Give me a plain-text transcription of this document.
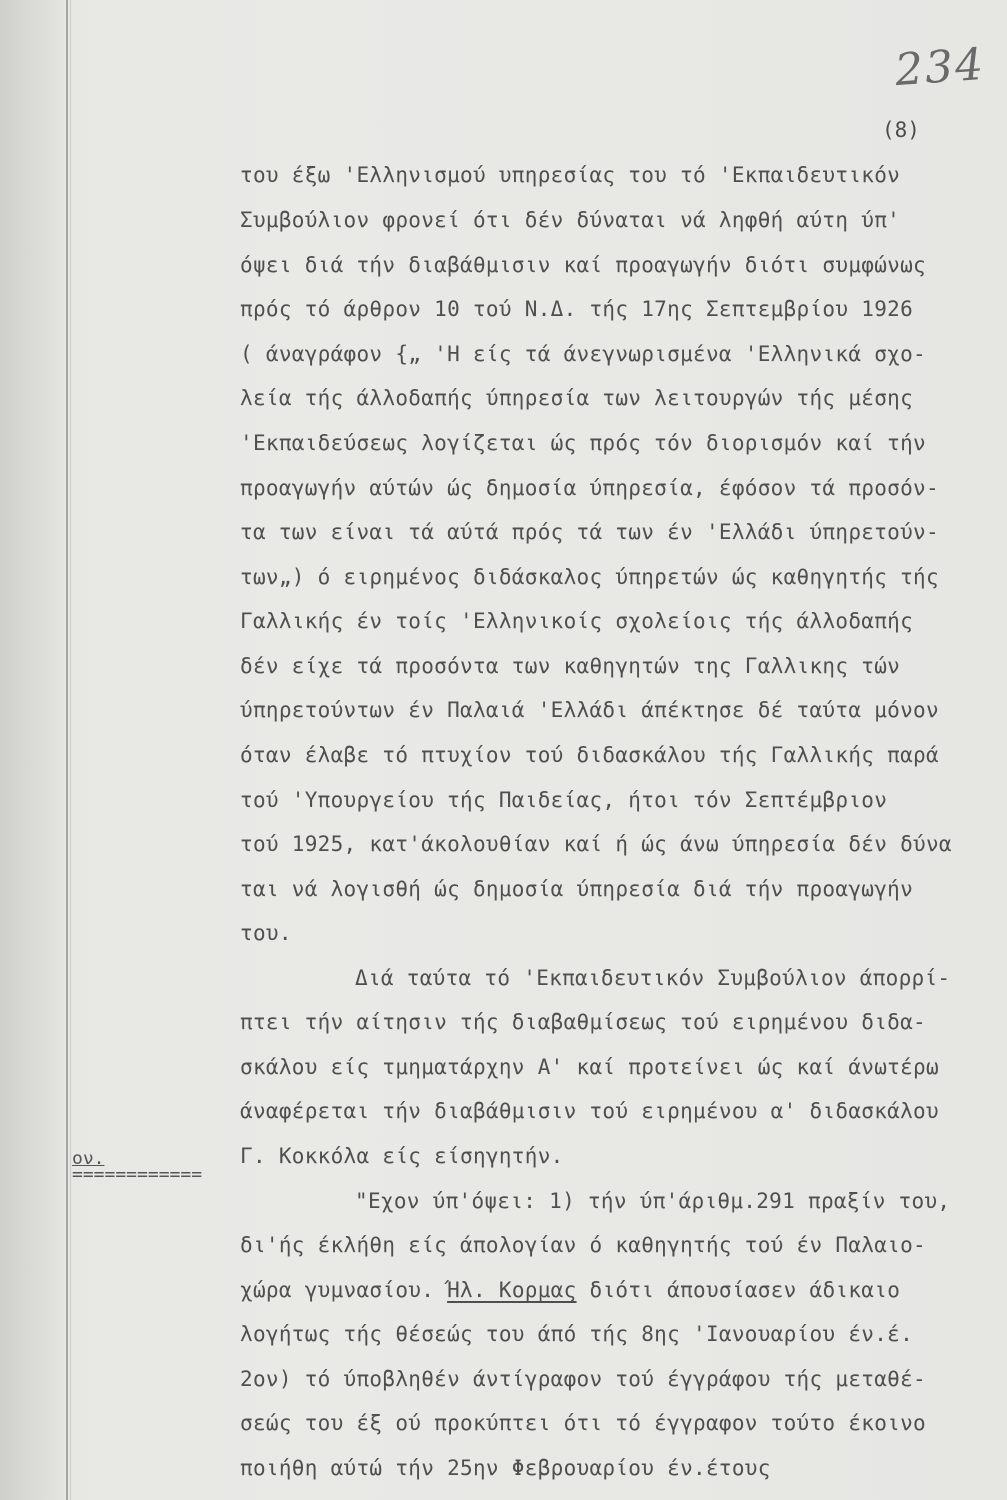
234
(8)
ον.
============
του έξω 'Ελληνισμού υπηρεσίας του τό 'Εκπαιδευτικόν
Συμβούλιον φρονεί ότι δέν δύναται νά ληφθή αύτη ύπ'
όψει διά τήν διαβάθμισιν καί προαγωγήν διότι συμφώνως
πρός τό άρθρον 10 τού Ν.Δ. τής 17ης Σεπτεμβρίου 1926
( άναγράφον {„ 'Η είς τά άνεγνωρισμένα 'Ελληνικά σχο-
λεία τής άλλοδαπής ύπηρεσία των λειτουργών τής μέσης
'Εκπαιδεύσεως λογίζεται ώς πρός τόν διορισμόν καί τήν
προαγωγήν αύτών ώς δημοσία ύπηρεσία, έφόσον τά προσόν-
τα των είναι τά αύτά πρός τά των έν 'Ελλάδι ύπηρετούν-
των„) ό ειρημένος διδάσκαλος ύπηρετών ώς καθηγητής τής
Γαλλικής έν τοίς 'Ελληνικοίς σχολείοις τής άλλοδαπής
δέν είχε τά προσόντα των καθηγητών της Γαλλικης τών
ύπηρετούντων έν Παλαιά 'Ελλάδι άπέκτησε δέ ταύτα μόνον
όταν έλαβε τό πτυχίον τού διδασκάλου τής Γαλλικής παρά
τού 'Υπουργείου τής Παιδείας, ήτοι τόν Σεπτέμβριον
τού 1925, κατ'άκολουθίαν καί ή ώς άνω ύπηρεσία δέν δύνα
ται νά λογισθή ώς δημοσία ύπηρεσία διά τήν προαγωγήν
του.
Διά ταύτα τό 'Εκπαιδευτικόν Συμβούλιον άπορρί-
πτει τήν αίτησιν τής διαβαθμίσεως τού ειρημένου διδα-
σκάλου είς τμηματάρχην Α' καί προτείνει ώς καί άνωτέρω
άναφέρεται τήν διαβάθμισιν τού ειρημένου α' διδασκάλου
Γ. Κοκκόλα είς είσηγητήν.
"Εχον ύπ'όψει: 1) τήν ύπ'άριθμ.291 πραξίν του,
δι'ής έκλήθη είς άπολογίαν ό καθηγητής τού έν Παλαιο-
χώρα γυμνασίου. Ήλ. Κορμας διότι άπουσίασεν άδικαιο
λογήτως τής θέσεώς του άπό τής 8ης 'Ιανουαρίου έν.έ.
2ον) τό ύποβληθέν άντίγραφον τού έγγράφου τής μεταθέ-
σεώς του έξ ού προκύπτει ότι τό έγγραφον τούτο έκοινο
ποιήθη αύτώ τήν 25ην Φεβρουαρίου έν.έτους
